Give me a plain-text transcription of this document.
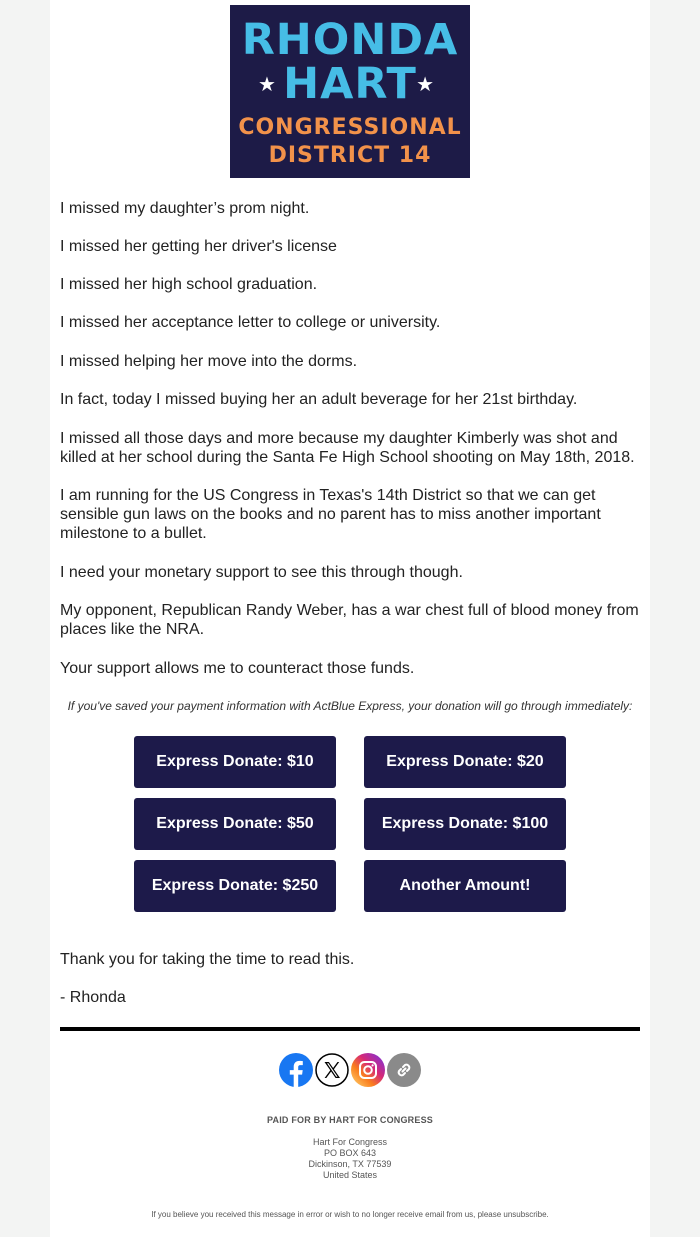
RHONDA
★ HART ★
CONGRESSIONAL
DISTRICT 14

I missed my daughter’s prom night.

I missed her getting her driver's license

I missed her high school graduation.

I missed her acceptance letter to college or university.

I missed helping her move into the dorms.

In fact, today I missed buying her an adult beverage for her 21st birthday.

I missed all those days and more because my daughter Kimberly was shot and killed at her school during the Santa Fe High School shooting on May 18th, 2018.

I am running for the US Congress in Texas's 14th District so that we can get sensible gun laws on the books and no parent has to miss another important milestone to a bullet.

I need your monetary support to see this through though.

My opponent, Republican Randy Weber, has a war chest full of blood money from places like the NRA.

Your support allows me to counteract those funds.

If you've saved your payment information with ActBlue Express, your donation will go through immediately:
Express Donate: $10	Express Donate: $20
Express Donate: $50	Express Donate: $100
Express Donate: $250	Another Amount!

Thank you for taking the time to read this.

- Rhonda

PAID FOR BY HART FOR CONGRESS
Hart For Congress
PO BOX 643
Dickinson, TX 77539
United States
If you believe you received this message in error or wish to no longer receive email from us, please unsubscribe.
